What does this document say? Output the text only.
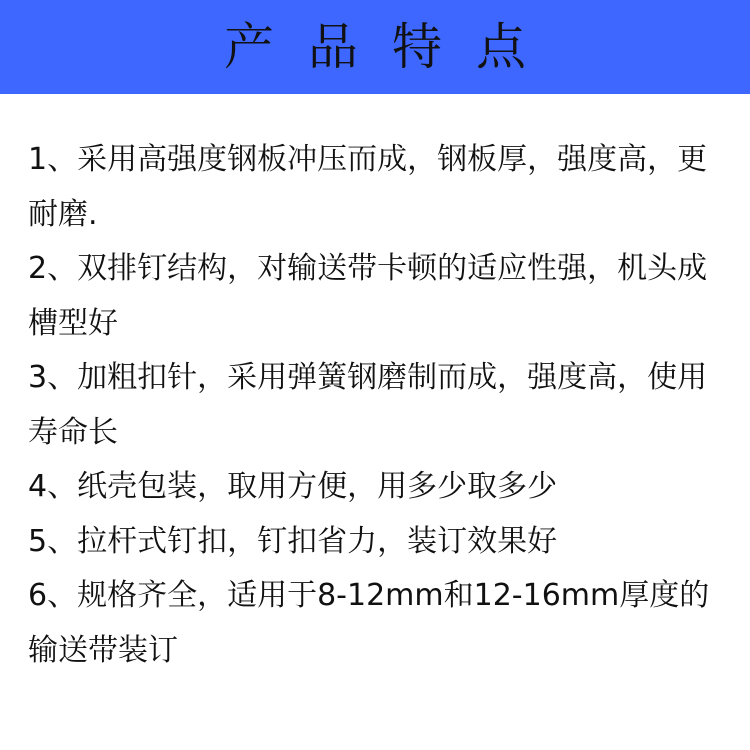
产品特点
1、采用高强度钢板冲压而成，钢板厚，强度高，更耐磨.
2、双排钉结构，对输送带卡顿的适应性强，机头成槽型好
3、加粗扣针，采用弹簧钢磨制而成，强度高，使用寿命长
4、纸壳包装，取用方便，用多少取多少
5、拉杆式钉扣，钉扣省力，装订效果好
6、规格齐全，适用于8-12mm和12-16mm厚度的输送带装订
